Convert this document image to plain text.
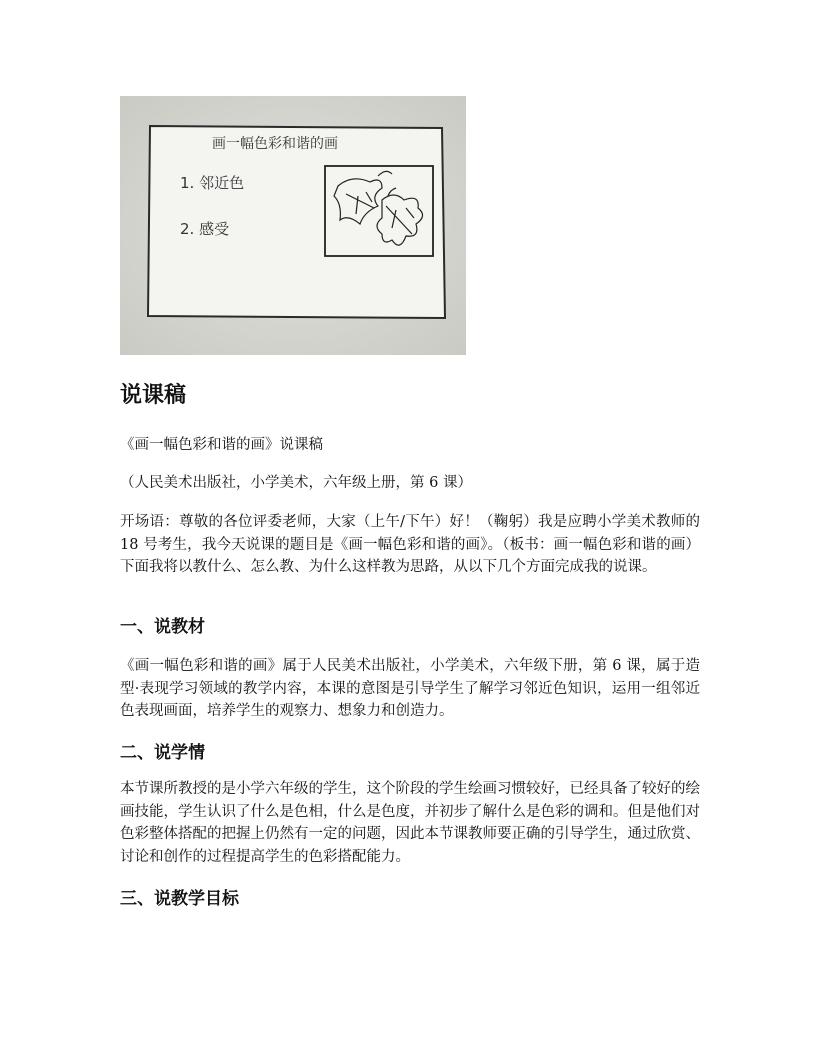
画一幅色彩和谐的画
1. 邻近色
2. 感受
说课稿

《画一幅色彩和谐的画》说课稿

（人民美术出版社，小学美术，六年级上册，第 6 课）

开场语：尊敬的各位评委老师，大家（上午/下午）好！（鞠躬）我是应聘小学美术教师的 18 号考生，我今天说课的题目是《画一幅色彩和谐的画》。（板书：画一幅色彩和谐的画）下面我将以教什么、怎么教、为什么这样教为思路，从以下几个方面完成我的说课。

一、说教材

《画一幅色彩和谐的画》属于人民美术出版社，小学美术，六年级下册，第 6 课，属于造型·表现学习领域的教学内容，本课的意图是引导学生了解学习邻近色知识，运用一组邻近色表现画面，培养学生的观察力、想象力和创造力。

二、说学情

本节课所教授的是小学六年级的学生，这个阶段的学生绘画习惯较好，已经具备了较好的绘画技能，学生认识了什么是色相，什么是色度，并初步了解什么是色彩的调和。但是他们对色彩整体搭配的把握上仍然有一定的问题，因此本节课教师要正确的引导学生，通过欣赏、讨论和创作的过程提高学生的色彩搭配能力。

三、说教学目标
